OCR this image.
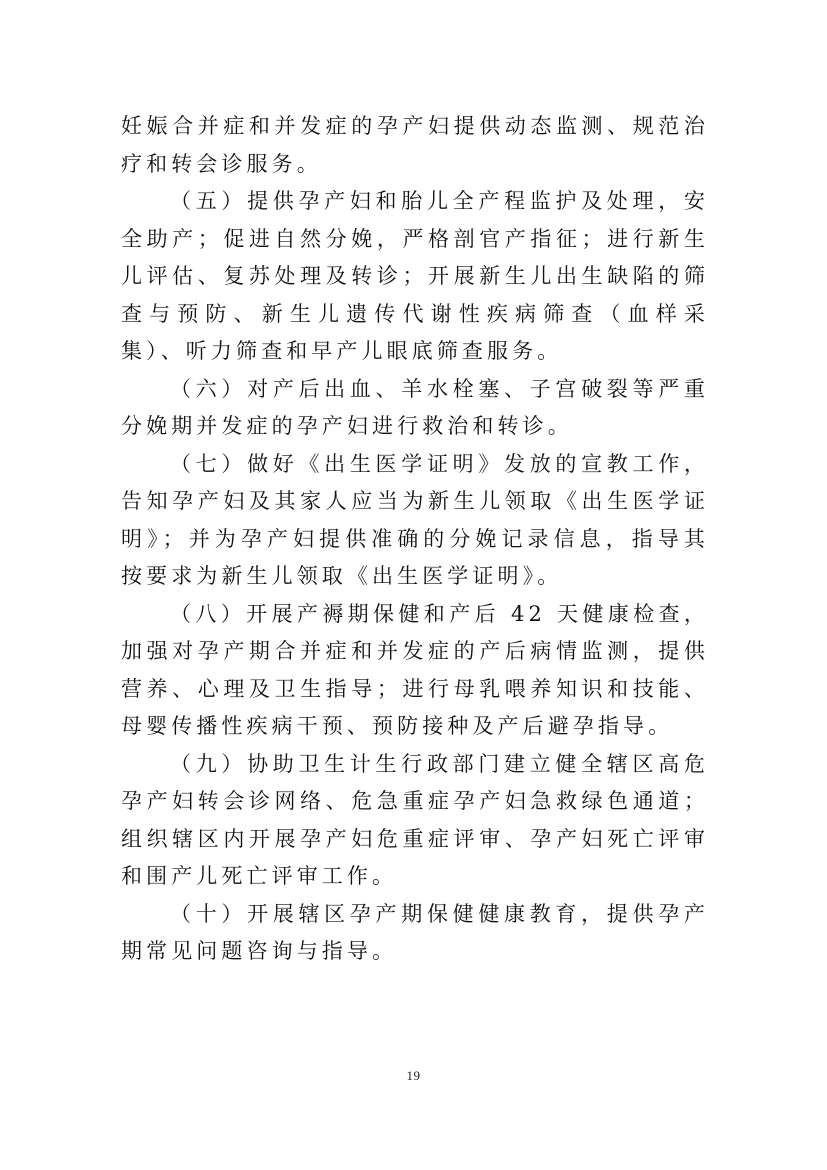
妊娠合并症和并发症的孕产妇提供动态监测、规范治疗和转会诊服务。

（五）提供孕产妇和胎儿全产程监护及处理，安全助产；促进自然分娩，严格剖官产指征；进行新生儿评估、复苏处理及转诊；开展新生儿出生缺陷的筛查与预防、新生儿遗传代谢性疾病筛查（血样采集）、听力筛查和早产儿眼底筛查服务。

（六）对产后出血、羊水栓塞、子宫破裂等严重分娩期并发症的孕产妇进行救治和转诊。

（七）做好《出生医学证明》发放的宣教工作，告知孕产妇及其家人应当为新生儿领取《出生医学证明》；并为孕产妇提供准确的分娩记录信息，指导其按要求为新生儿领取《出生医学证明》。

（八）开展产褥期保健和产后 42 天健康检查，加强对孕产期合并症和并发症的产后病情监测，提供营养、心理及卫生指导；进行母乳喂养知识和技能、母婴传播性疾病干预、预防接种及产后避孕指导。

（九）协助卫生计生行政部门建立健全辖区高危孕产妇转会诊网络、危急重症孕产妇急救绿色通道；组织辖区内开展孕产妇危重症评审、孕产妇死亡评审和围产儿死亡评审工作。

（十）开展辖区孕产期保健健康教育，提供孕产期常见问题咨询与指导。

19
